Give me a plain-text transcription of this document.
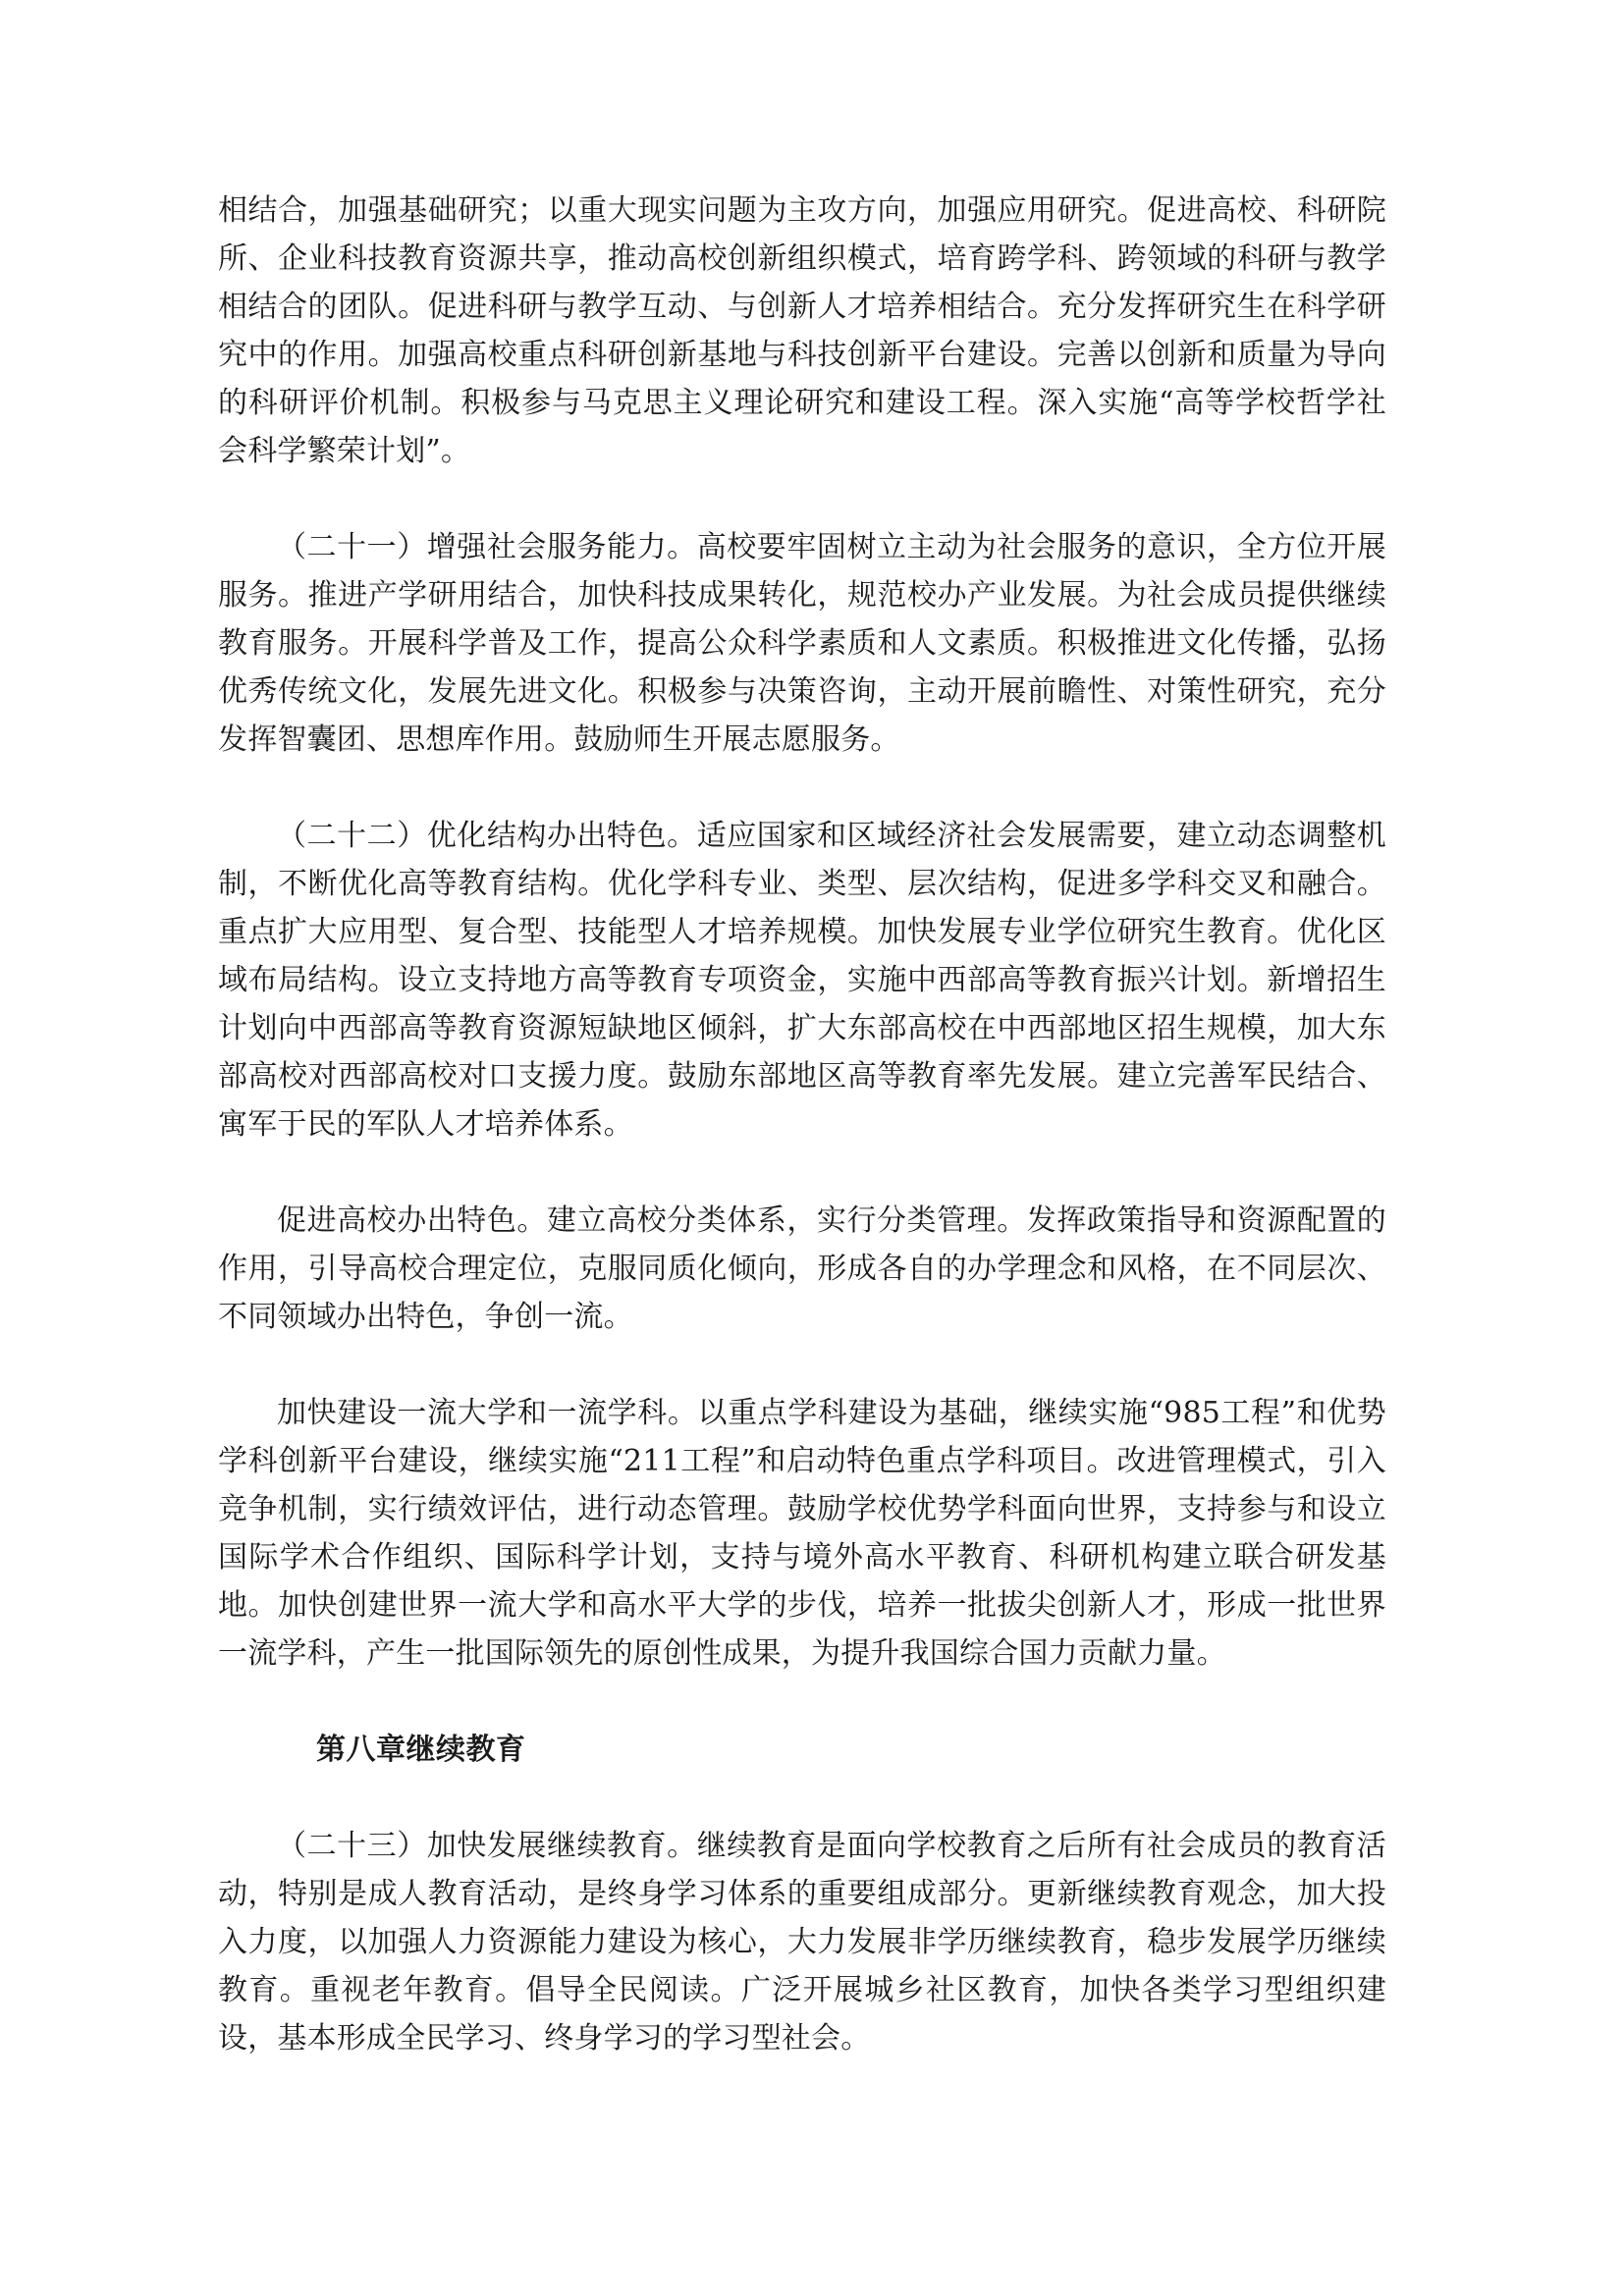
相结合，加强基础研究；以重大现实问题为主攻方向，加强应用研究。促进高校、科研院所、企业科技教育资源共享，推动高校创新组织模式，培育跨学科、跨领域的科研与教学相结合的团队。促进科研与教学互动、与创新人才培养相结合。充分发挥研究生在科学研究中的作用。加强高校重点科研创新基地与科技创新平台建设。完善以创新和质量为导向的科研评价机制。积极参与马克思主义理论研究和建设工程。深入实施“高等学校哲学社会科学繁荣计划”。

（二十一）增强社会服务能力。高校要牢固树立主动为社会服务的意识，全方位开展服务。推进产学研用结合，加快科技成果转化，规范校办产业发展。为社会成员提供继续教育服务。开展科学普及工作，提高公众科学素质和人文素质。积极推进文化传播，弘扬优秀传统文化，发展先进文化。积极参与决策咨询，主动开展前瞻性、对策性研究，充分发挥智囊团、思想库作用。鼓励师生开展志愿服务。

（二十二）优化结构办出特色。适应国家和区域经济社会发展需要，建立动态调整机制，不断优化高等教育结构。优化学科专业、类型、层次结构，促进多学科交叉和融合。重点扩大应用型、复合型、技能型人才培养规模。加快发展专业学位研究生教育。优化区域布局结构。设立支持地方高等教育专项资金，实施中西部高等教育振兴计划。新增招生计划向中西部高等教育资源短缺地区倾斜，扩大东部高校在中西部地区招生规模，加大东部高校对西部高校对口支援力度。鼓励东部地区高等教育率先发展。建立完善军民结合、寓军于民的军队人才培养体系。

促进高校办出特色。建立高校分类体系，实行分类管理。发挥政策指导和资源配置的作用，引导高校合理定位，克服同质化倾向，形成各自的办学理念和风格，在不同层次、不同领域办出特色，争创一流。

加快建设一流大学和一流学科。以重点学科建设为基础，继续实施“985工程”和优势学科创新平台建设，继续实施“211工程”和启动特色重点学科项目。改进管理模式，引入竞争机制，实行绩效评估，进行动态管理。鼓励学校优势学科面向世界，支持参与和设立国际学术合作组织、国际科学计划，支持与境外高水平教育、科研机构建立联合研发基地。加快创建世界一流大学和高水平大学的步伐，培养一批拔尖创新人才，形成一批世界一流学科，产生一批国际领先的原创性成果，为提升我国综合国力贡献力量。

第八章继续教育

（二十三）加快发展继续教育。继续教育是面向学校教育之后所有社会成员的教育活动，特别是成人教育活动，是终身学习体系的重要组成部分。更新继续教育观念，加大投入力度，以加强人力资源能力建设为核心，大力发展非学历继续教育，稳步发展学历继续教育。重视老年教育。倡导全民阅读。广泛开展城乡社区教育，加快各类学习型组织建设，基本形成全民学习、终身学习的学习型社会。
